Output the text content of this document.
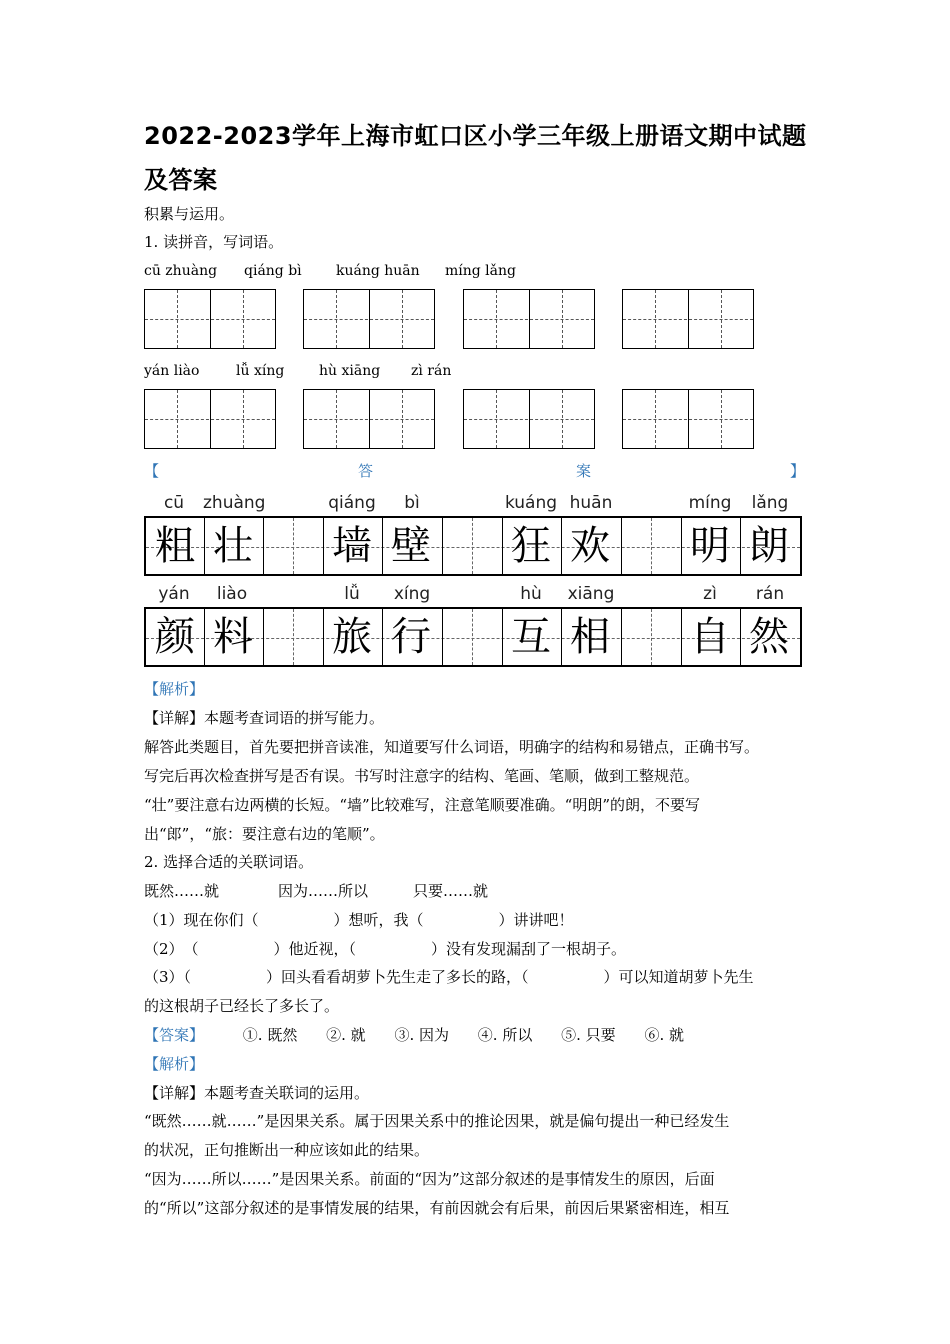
2022-2023学年上海市虹口区小学三年级上册语文期中试题
及答案
积累与运用。
1. 读拼音，写词语。
cū zhuàng qiáng bì kuáng huān míng lǎng
yán liào	lǚ xíng hù xiāng zì rán
【	答	案	】
cū	zhuàng	qiáng	bì	kuáng huān	míng	lǎng
粗 壮 墙 壁 狂 欢 明 朗
yán	liào	lǚ	xíng	hù	xiāng	zì	rán
颜 料 旅 行 互 相 自 然
【解析】
【详解】本题考查词语的拼写能力。
解答此类题目，首先要把拼音读准，知道要写什么词语，明确字的结构和易错点，正确书写。
写完后再次检查拼写是否有误。书写时注意字的结构、笔画、笔顺，做到工整规范。
“壮”要注意右边两横的长短。“墙”比较难写，注意笔顺要准确。“明朗”的朗，不要写
出“郎”，“旅：要注意右边的笔顺”。
2. 选择合适的关联词语。
既然……就	因为……所以	只要……就
（1）现在你们（　　　　　）想听，我（　　　　　）讲讲吧！
（2）　（　　　　　）他近视，（　　　　　）没有发现漏刮了一根胡子。
（3）（　　　　　）回头看看胡萝卜先生走了多长的路，（　　　　　）可以知道胡萝卜先生
的这根胡子已经长了多长了。
【答案】	①. 既然 ②. 就 ③. 因为 ④. 所以 ⑤. 只要 ⑥. 就
【解析】
【详解】本题考查关联词的运用。
“既然……就……”是因果关系。属于因果关系中的推论因果，就是偏句提出一种已经发生
的状况，正句推断出一种应该如此的结果。
“因为……所以……”是因果关系。前面的“因为”这部分叙述的是事情发生的原因，后面
的“所以”这部分叙述的是事情发展的结果，有前因就会有后果，前因后果紧密相连，相互
